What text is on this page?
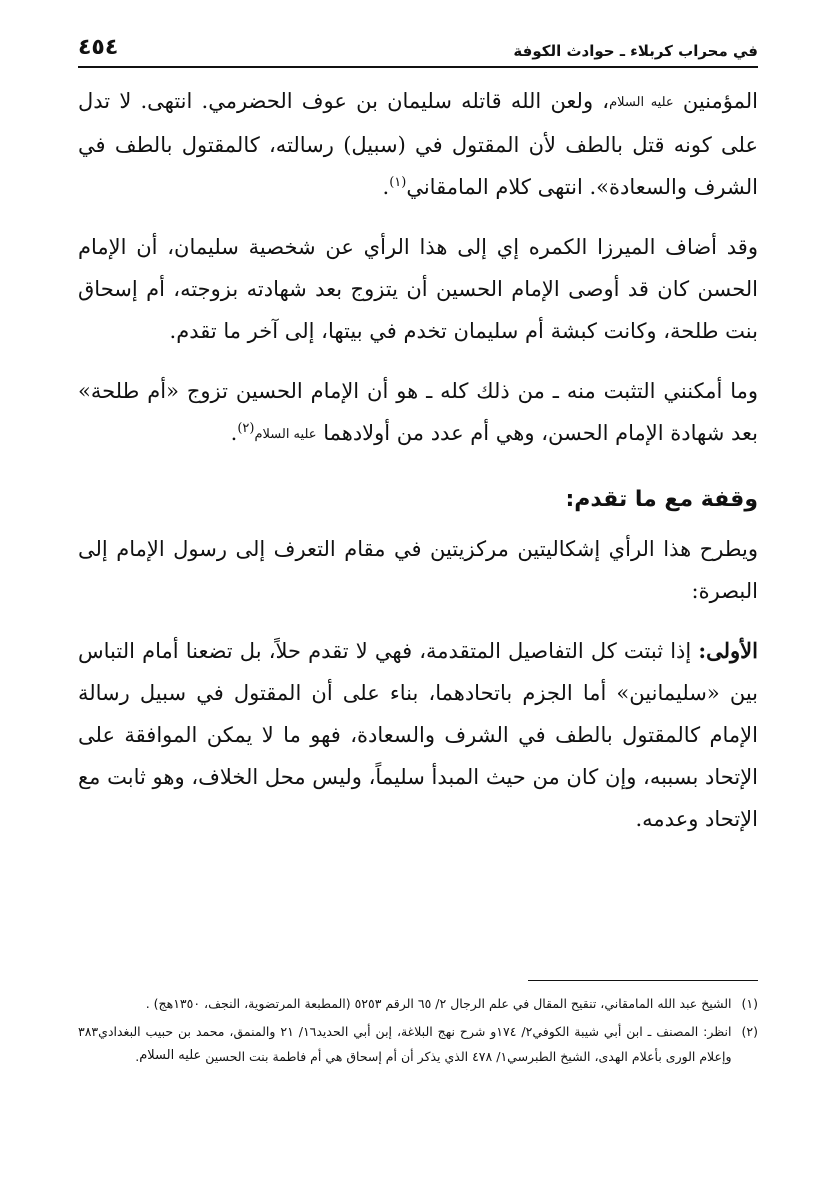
في محراب كربلاء ـ حوادث الكوفة
٤٥٤

المؤمنين عليه السلام، ولعن الله قاتله سليمان بن عوف الحضرمي. انتهى. لا تدل على كونه قتل بالطف لأن المقتول في (سبيل) رسالته، كالمقتول بالطف في الشرف والسعادة». انتهى كلام المامقاني$^{(١)}$.

وقد أضاف الميرزا الكمره إي إلى هذا الرأي عن شخصية سليمان، أن الإمام الحسن كان قد أوصى الإمام الحسين أن يتزوج بعد شهادته بزوجته، أم إسحاق بنت طلحة، وكانت كبشة أم سليمان تخدم في بيتها، إلى آخر ما تقدم.

وما أمكنني التثبت منه ـ من ذلك كله ـ هو أن الإمام الحسين تزوج «أم طلحة» بعد شهادة الإمام الحسن، وهي أم عدد من أولادهما عليه السلام$^{(٢)}$.

وقفة مع ما تقدم:

ويطرح هذا الرأي إشكاليتين مركزيتين في مقام التعرف إلى رسول الإمام إلى البصرة:

الأولى: إذا ثبتت كل التفاصيل المتقدمة، فهي لا تقدم حلاً، بل تضعنا أمام التباس بين «سليمانين» أما الجزم باتحادهما، بناء على أن المقتول في سبيل رسالة الإمام كالمقتول بالطف في الشرف والسعادة، فهو ما لا يمكن الموافقة على الإتحاد بسببه، وإن كان من حيث المبدأ سليماً، وليس محل الخلاف، وهو ثابت مع الإتحاد وعدمه.

(١)
الشيخ عبد الله المامقاني، تنقيح المقال في علم الرجال ٢/ ٦٥ الرقم ٥٢٥٣ (المطبعة المرتضوية، النجف، ١٣٥٠هج) .
(٢)
انظر: المصنف ـ ابن أبي شيبة الكوفي٢/ ١٧٤و شرح نهج البلاغة، إبن أبي الحديد١٦/ ٢١ والمنمق، محمد بن حبيب البغدادي٣٨٣ وإعلام الورى بأعلام الهدى، الشيخ الطبرسي١/ ٤٧٨ الذي يذكر أن أم إسحاق هي أم فاطمة بنت الحسين عليه السلام.
